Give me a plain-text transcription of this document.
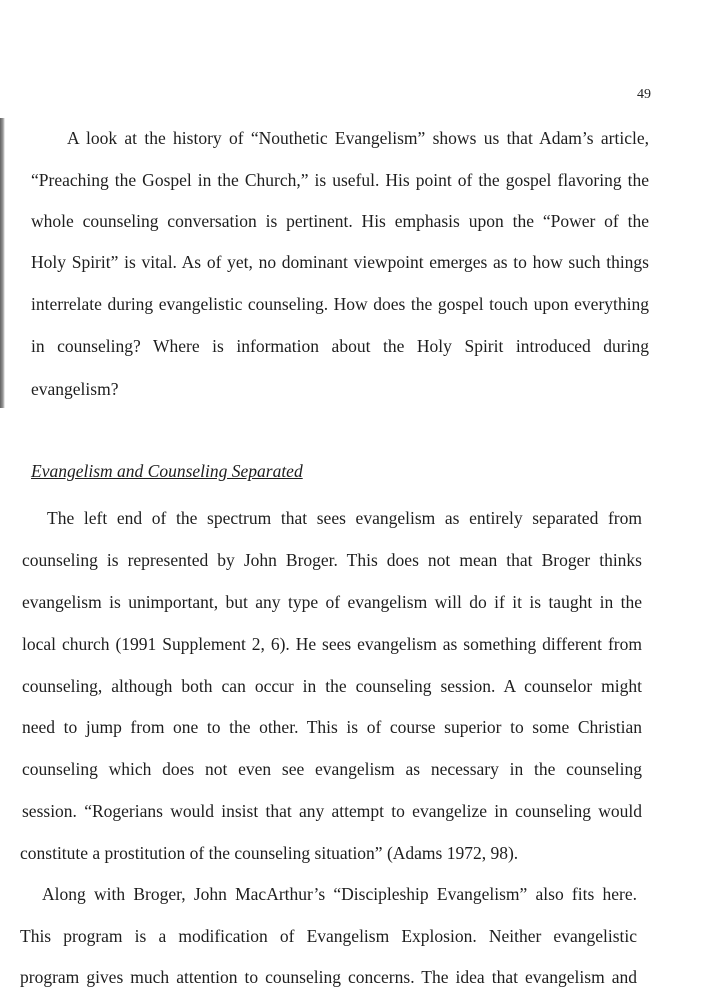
49
A look at the history of “Nouthetic Evangelism” shows us that Adam’s article,
“Preaching the Gospel in the Church,” is useful. His point of the gospel flavoring the
whole counseling conversation is pertinent. His emphasis upon the “Power of the
Holy Spirit” is vital. As of yet, no dominant viewpoint emerges as to how such things
interrelate during evangelistic counseling. How does the gospel touch upon everything
in counseling? Where is information about the Holy Spirit introduced during
evangelism?
Evangelism and Counseling Separated
The left end of the spectrum that sees evangelism as entirely separated from
counseling is represented by John Broger. This does not mean that Broger thinks
evangelism is unimportant, but any type of evangelism will do if it is taught in the
local church (1991 Supplement 2, 6). He sees evangelism as something different from
counseling, although both can occur in the counseling session. A counselor might
need to jump from one to the other. This is of course superior to some Christian
counseling which does not even see evangelism as necessary in the counseling
session. “Rogerians would insist that any attempt to evangelize in counseling would
constitute a prostitution of the counseling situation” (Adams 1972, 98).
Along with Broger, John MacArthur’s “Discipleship Evangelism” also fits here.
This program is a modification of Evangelism Explosion. Neither evangelistic
program gives much attention to counseling concerns. The idea that evangelism and
